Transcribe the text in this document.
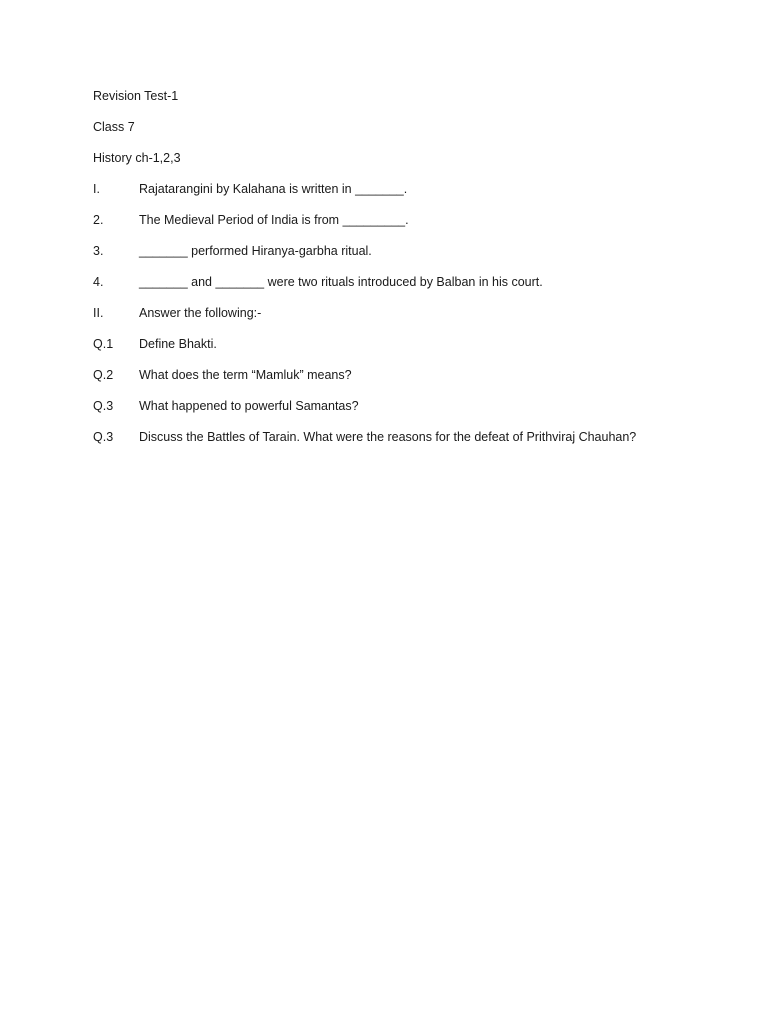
Revision Test-1
Class 7
History ch-1,2,3
I.	Rajatarangini by Kalahana is written in _______.
2.	The Medieval Period of India is from _________.
3.	_______ performed Hiranya-garbha ritual.
4.	_______ and _______ were two rituals introduced by Balban in his court.
II.	Answer the following:-
Q.1 Define Bhakti.
Q.2 What does the term “Mamluk” means?
Q.3 What happened to powerful Samantas?
Q.3 Discuss the Battles of Tarain. What were the reasons for the defeat of Prithviraj Chauhan?
